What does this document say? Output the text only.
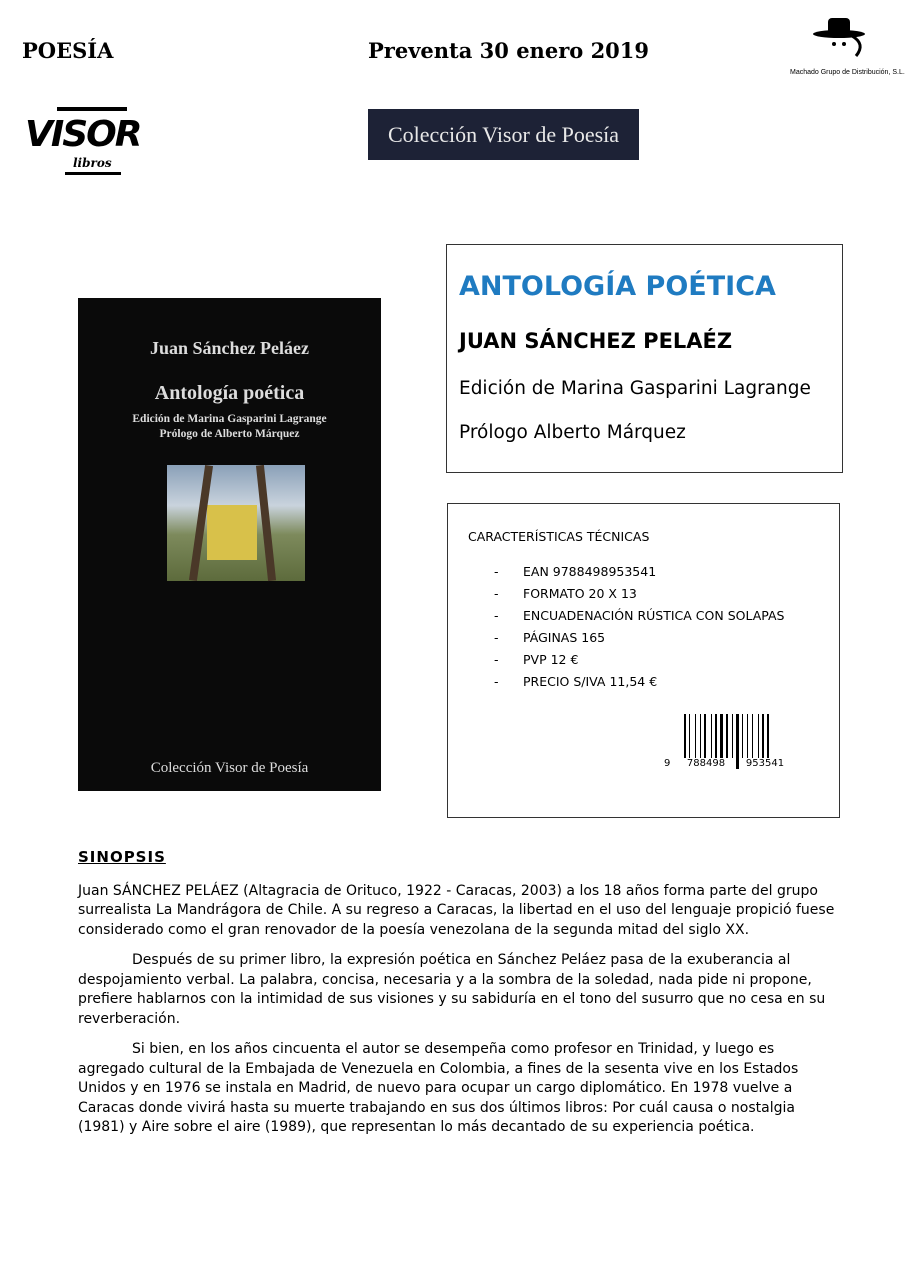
POESÍA	Preventa 30 enero 2019
Machado Grupo de Distribución, S.L.
VISOR
libros
Colección Visor de Poesía
Juan Sánchez Peláez
Antología poética
Edición de Marina Gasparini Lagrange
Prólogo de Alberto Márquez
Colección Visor de Poesía
ANTOLOGÍA POÉTICA
JUAN SÁNCHEZ PELAÉZ
Edición de Marina Gasparini Lagrange
Prólogo Alberto Márquez
CARACTERÍSTICAS TÉCNICAS
-	EAN 9788498953541
-	FORMATO 20 X 13
-	ENCUADENACIÓN RÚSTICA CON SOLAPAS
-	PÁGINAS 165
-	PVP 12 €
-	PRECIO S/IVA 11,54 €
9	788498	953541
SINOPSIS

Juan SÁNCHEZ PELÁEZ (Altagracia de Orituco, 1922 - Caracas, 2003) a los 18 años forma parte del grupo surrealista La Mandrágora de Chile. A su regreso a Caracas, la libertad en el uso del lenguaje propició fuese considerado como el gran renovador de la poesía venezolana de la segunda mitad del siglo XX.

Después de su primer libro, la expresión poética en Sánchez Peláez pasa de la exuberancia al despojamiento verbal. La palabra, concisa, necesaria y a la sombra de la soledad, nada pide ni propone, prefiere hablarnos con la intimidad de sus visiones y su sabiduría en el tono del susurro que no cesa en su reverberación.

Si bien, en los años cincuenta el autor se desempeña como profesor en Trinidad, y luego es agregado cultural de la Embajada de Venezuela en Colombia, a fines de la sesenta vive en los Estados Unidos y en 1976 se instala en Madrid, de nuevo para ocupar un cargo diplomático. En 1978 vuelve a Caracas donde vivirá hasta su muerte trabajando en sus dos últimos libros: Por cuál causa o nostalgia (1981) y Aire sobre el aire (1989), que representan lo más decantado de su experiencia poética.
